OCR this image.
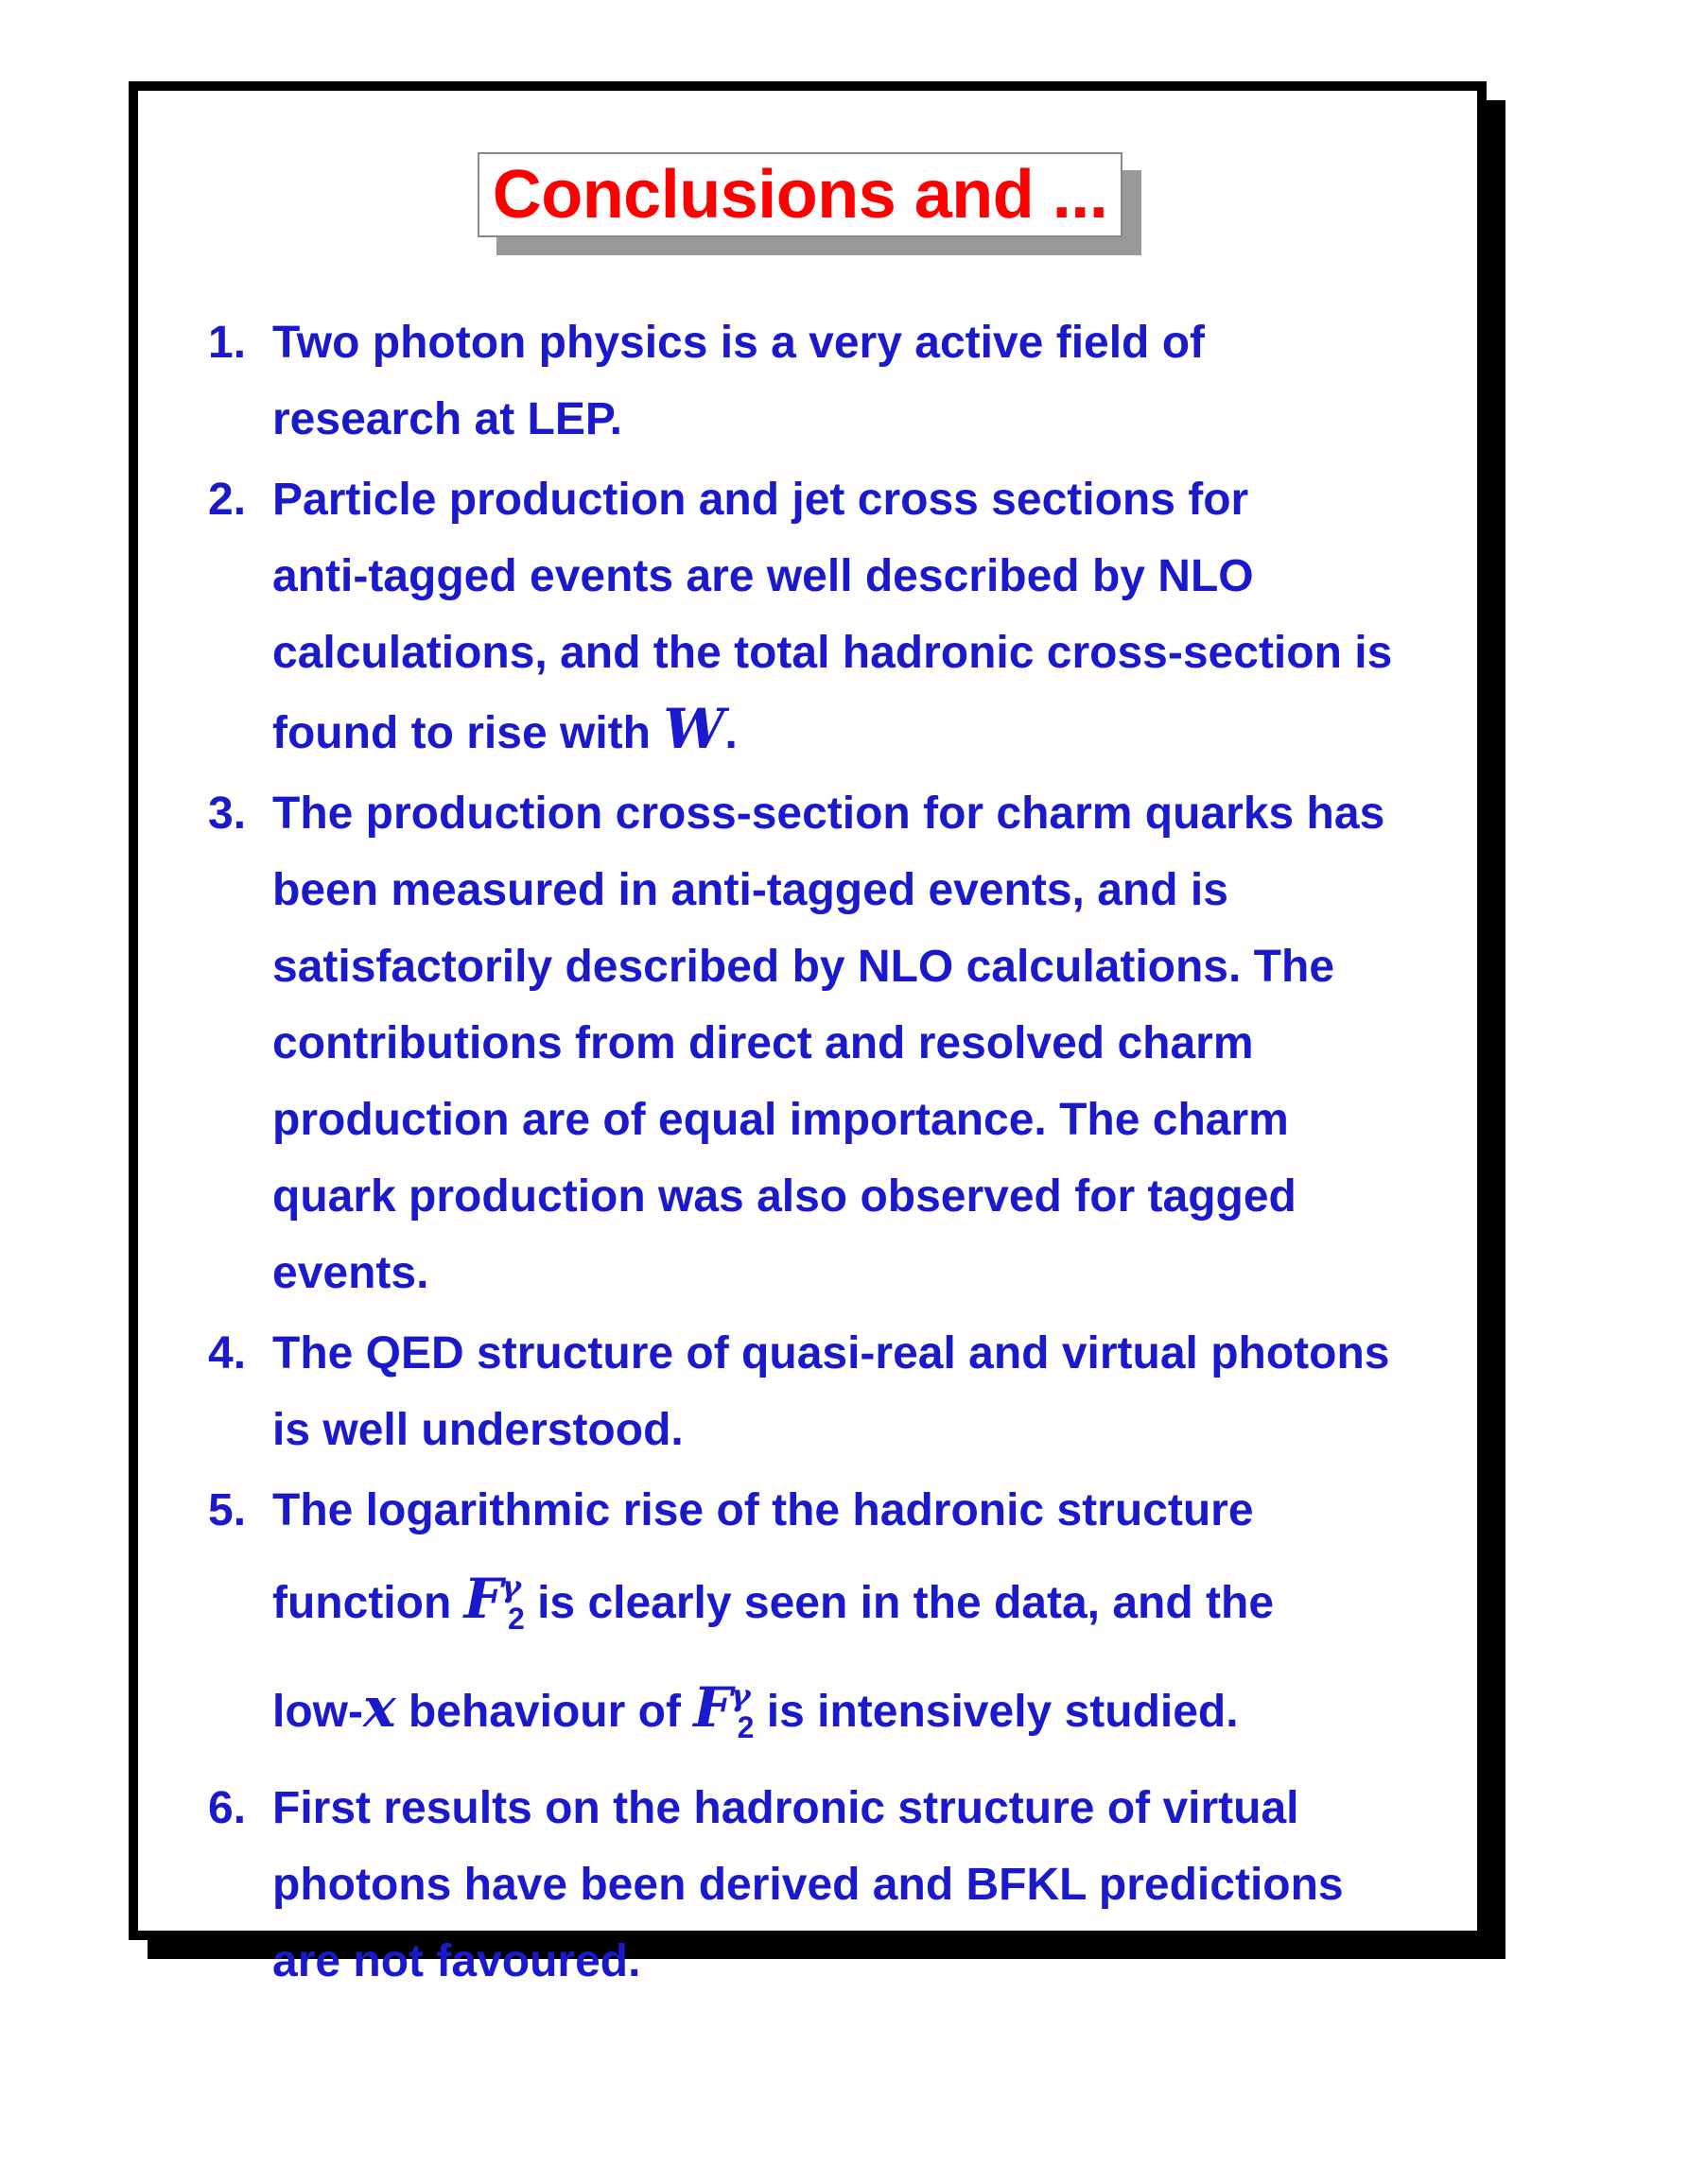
Conclusions and ...
1. Two photon physics is a very active field of
research at LEP.
2. Particle production and jet cross sections for
anti-tagged events are well described by NLO
calculations, and the total hadronic cross-section is
found to rise with W.
3. The production cross-section for charm quarks has
been measured in anti-tagged events, and is
satisfactorily described by NLO calculations. The
contributions from direct and resolved charm
production are of equal importance. The charm
quark production was also observed for tagged
events.
4. The QED structure of quasi-real and virtual photons
is well understood.
5. The logarithmic rise of the hadronic structure
function $F^\gamma_2$ is clearly seen in the data, and the
low-x behaviour of $F^\gamma_2$ is intensively studied.
6. First results on the hadronic structure of virtual
photons have been derived and BFKL predictions
are not favoured.
